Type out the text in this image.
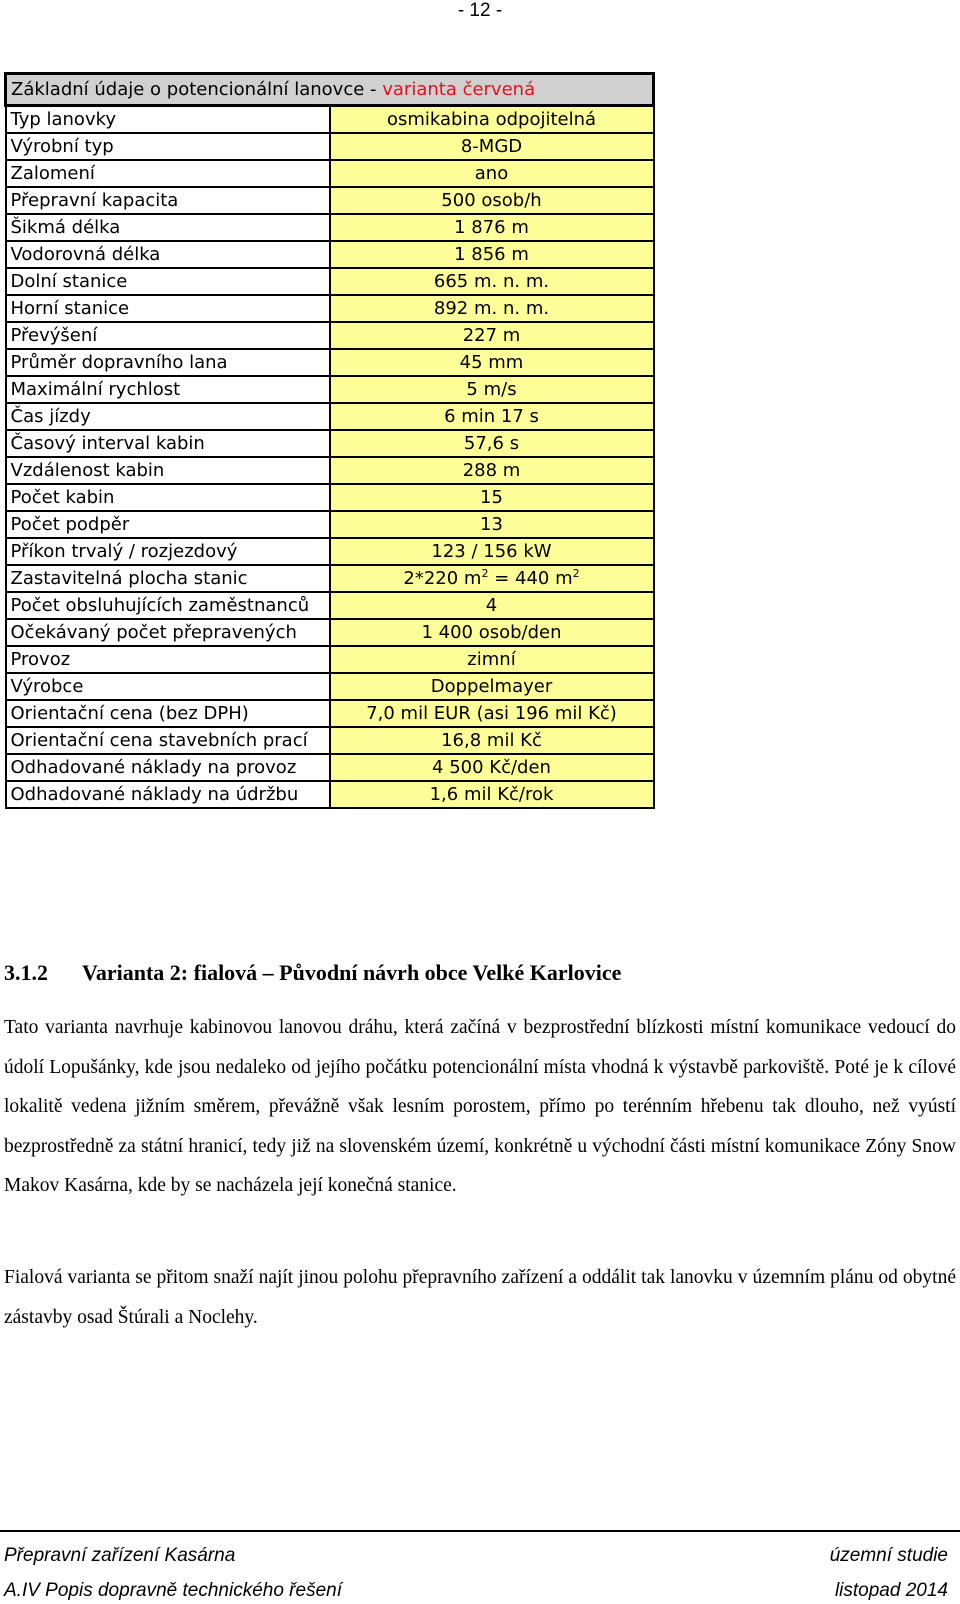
- 12 -
Základní údaje o potencionální lanovce - varianta červená	
Typ lanovky	osmikabina odpojitelná
Výrobní typ	8-MGD
Zalomení	ano
Přepravní kapacita	500 osob/h
Šikmá délka	1 876 m
Vodorovná délka	1 856 m
Dolní stanice	665 m. n. m.
Horní stanice	892 m. n. m.
Převýšení	227 m
Průměr dopravního lana	45 mm
Maximální rychlost	5 m/s
Čas jízdy	6 min 17 s
Časový interval kabin	57,6 s
Vzdálenost kabin	288 m
Počet kabin	15
Počet podpěr	13
Příkon trvalý / rozjezdový	123 / 156 kW
Zastavitelná plocha stanic	2*220 $m^2 = 440$ $m^2$
Počet obsluhujících zaměstnanců	4
Očekávaný počet přepravených	1 400 osob/den
Provoz	zimní
Výrobce	Doppelmayer
Orientační cena (bez DPH)	7,0 mil EUR (asi 196 mil Kč)
Orientační cena stavebních prací	16,8 mil Kč
Odhadované náklady na provoz	4 500 Kč/den
Odhadované náklady na údržbu	1,6 mil Kč/rok
3.1.2 Varianta 2: fialová – Původní návrh obce Velké Karlovice
Tato varianta navrhuje kabinovou lanovou dráhu, která začíná v bezprostřední blízkosti místní komunikace vedoucí do údolí Lopušánky, kde jsou nedaleko od jejího počátku potencionální místa vhodná k výstavbě parkoviště. Poté je k cílové lokalitě vedena jižním směrem, převážně však lesním porostem, přímo po terénním hřebenu tak dlouho, než vyústí bezprostředně za státní hranicí, tedy již na slovenském území, konkrétně u východní části místní komunikace Zóny Snow Makov Kasárna, kde by se nacházela její konečná stanice.
Fialová varianta se přitom snaží najít jinou polohu přepravního zařízení a oddálit tak lanovku v územním plánu od obytné zástavby osad Štúrali a Noclehy.
Přepravní zařízení Kasárna	územní studie
A.IV Popis dopravně technického řešení	listopad 2014
